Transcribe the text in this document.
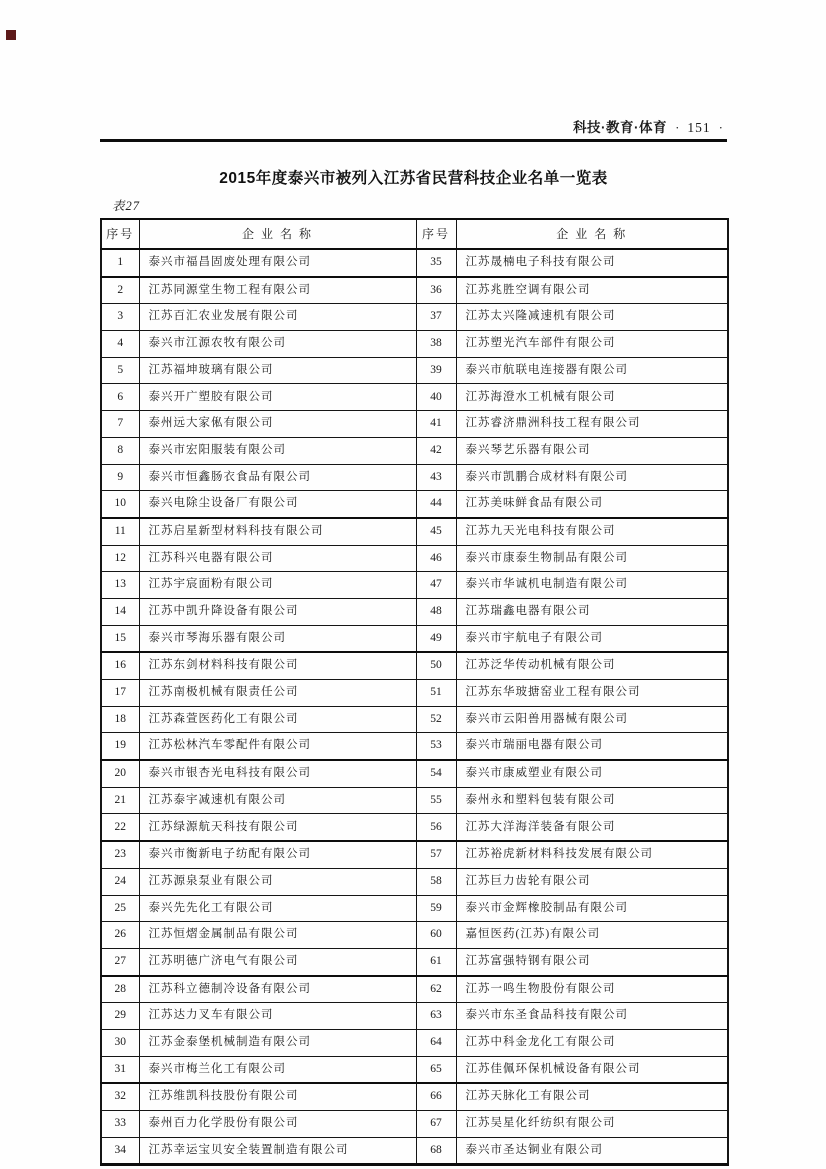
科技·教育·体育 · 151 ·
2015年度泰兴市被列入江苏省民营科技企业名单一览表
表27
序号	企 业 名 称	序号	企 业 名 称
1	泰兴市福昌固废处理有限公司	35	江苏晟楠电子科技有限公司
2	江苏同源堂生物工程有限公司	36	江苏兆胜空调有限公司
3	江苏百汇农业发展有限公司	37	江苏太兴隆减速机有限公司
4	泰兴市江源农牧有限公司	38	江苏塑光汽车部件有限公司
5	江苏福坤玻璃有限公司	39	泰兴市航联电连接器有限公司
6	泰兴开广塑胶有限公司	40	江苏海澄水工机械有限公司
7	泰州远大家俬有限公司	41	江苏睿济鼎洲科技工程有限公司
8	泰兴市宏阳服装有限公司	42	泰兴琴艺乐器有限公司
9	泰兴市恒鑫肠衣食品有限公司	43	泰兴市凯鹏合成材料有限公司
10	泰兴电除尘设备厂有限公司	44	江苏美味鲜食品有限公司
11	江苏启星新型材料科技有限公司	45	江苏九天光电科技有限公司
12	江苏科兴电器有限公司	46	泰兴市康泰生物制品有限公司
13	江苏宇宸面粉有限公司	47	泰兴市华诚机电制造有限公司
14	江苏中凯升降设备有限公司	48	江苏瑞鑫电器有限公司
15	泰兴市琴海乐器有限公司	49	泰兴市宇航电子有限公司
16	江苏东剑材料科技有限公司	50	江苏泛华传动机械有限公司
17	江苏南极机械有限责任公司	51	江苏东华玻搪窑业工程有限公司
18	江苏森萱医药化工有限公司	52	泰兴市云阳兽用器械有限公司
19	江苏松林汽车零配件有限公司	53	泰兴市瑞丽电器有限公司
20	泰兴市银杏光电科技有限公司	54	泰兴市康威塑业有限公司
21	江苏泰宇减速机有限公司	55	泰州永和塑料包装有限公司
22	江苏绿源航天科技有限公司	56	江苏大洋海洋装备有限公司
23	泰兴市衡新电子纺配有限公司	57	江苏裕虎新材料科技发展有限公司
24	江苏源泉泵业有限公司	58	江苏巨力齿轮有限公司
25	泰兴先先化工有限公司	59	泰兴市金辉橡胶制品有限公司
26	江苏恒熠金属制品有限公司	60	嘉恒医药(江苏)有限公司
27	江苏明德广济电气有限公司	61	江苏富强特钢有限公司
28	江苏科立德制冷设备有限公司	62	江苏一鸣生物股份有限公司
29	江苏达力叉车有限公司	63	泰兴市东圣食品科技有限公司
30	江苏金泰堡机械制造有限公司	64	江苏中科金龙化工有限公司
31	泰兴市梅兰化工有限公司	65	江苏佳佩环保机械设备有限公司
32	江苏维凯科技股份有限公司	66	江苏天脉化工有限公司
33	泰州百力化学股份有限公司	67	江苏吴星化纤纺织有限公司
34	江苏幸运宝贝安全装置制造有限公司	68	泰兴市圣达铜业有限公司
